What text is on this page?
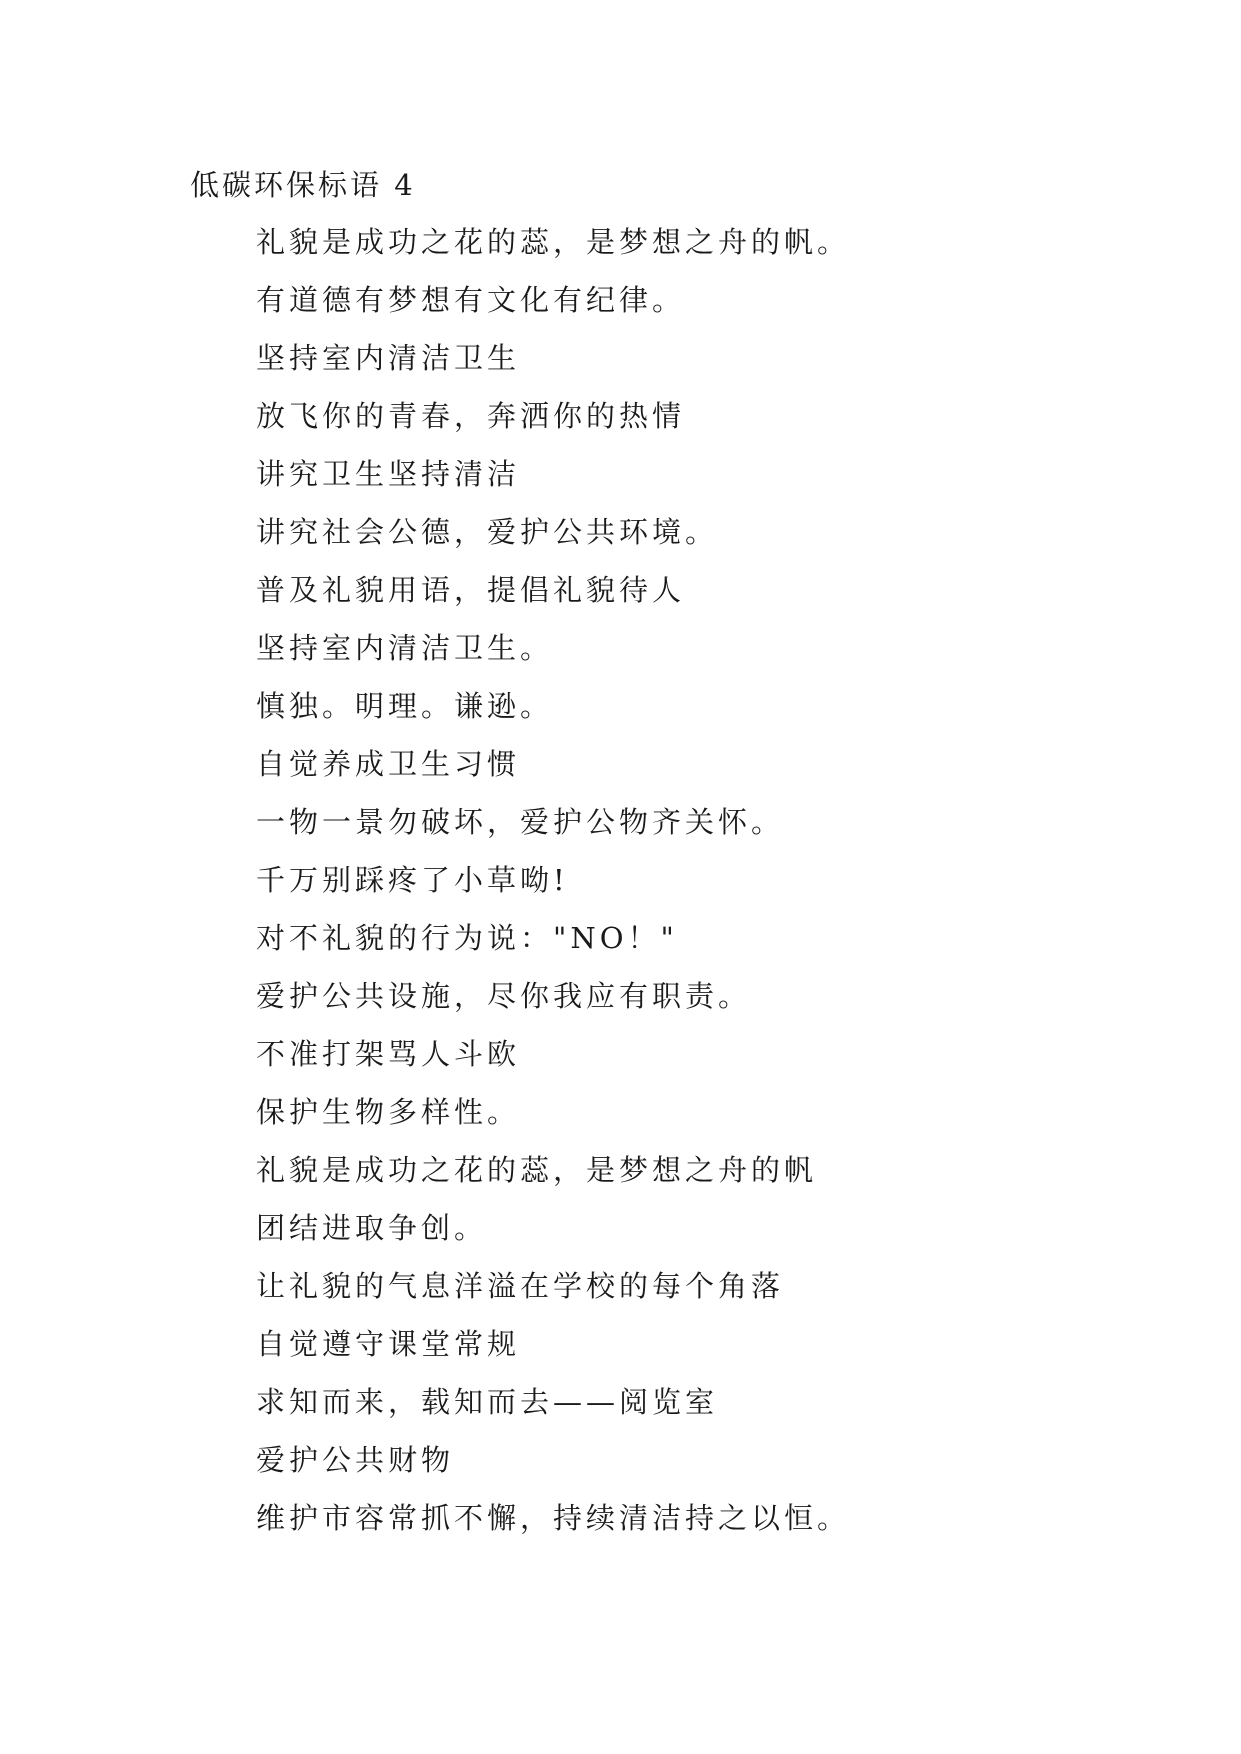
低碳环保标语 4
礼貌是成功之花的蕊，是梦想之舟的帆。
有道德有梦想有文化有纪律。
坚持室内清洁卫生
放飞你的青春，奔洒你的热情
讲究卫生坚持清洁
讲究社会公德，爱护公共环境。
普及礼貌用语，提倡礼貌待人
坚持室内清洁卫生。
慎独。明理。谦逊。
自觉养成卫生习惯
一物一景勿破坏，爱护公物齐关怀。
千万别踩疼了小草呦!
对不礼貌的行为说："NO！"
爱护公共设施，尽你我应有职责。
不准打架骂人斗欧
保护生物多样性。
礼貌是成功之花的蕊，是梦想之舟的帆
团结进取争创。
让礼貌的气息洋溢在学校的每个角落
自觉遵守课堂常规
求知而来，载知而去——阅览室
爱护公共财物
维护市容常抓不懈，持续清洁持之以恒。
